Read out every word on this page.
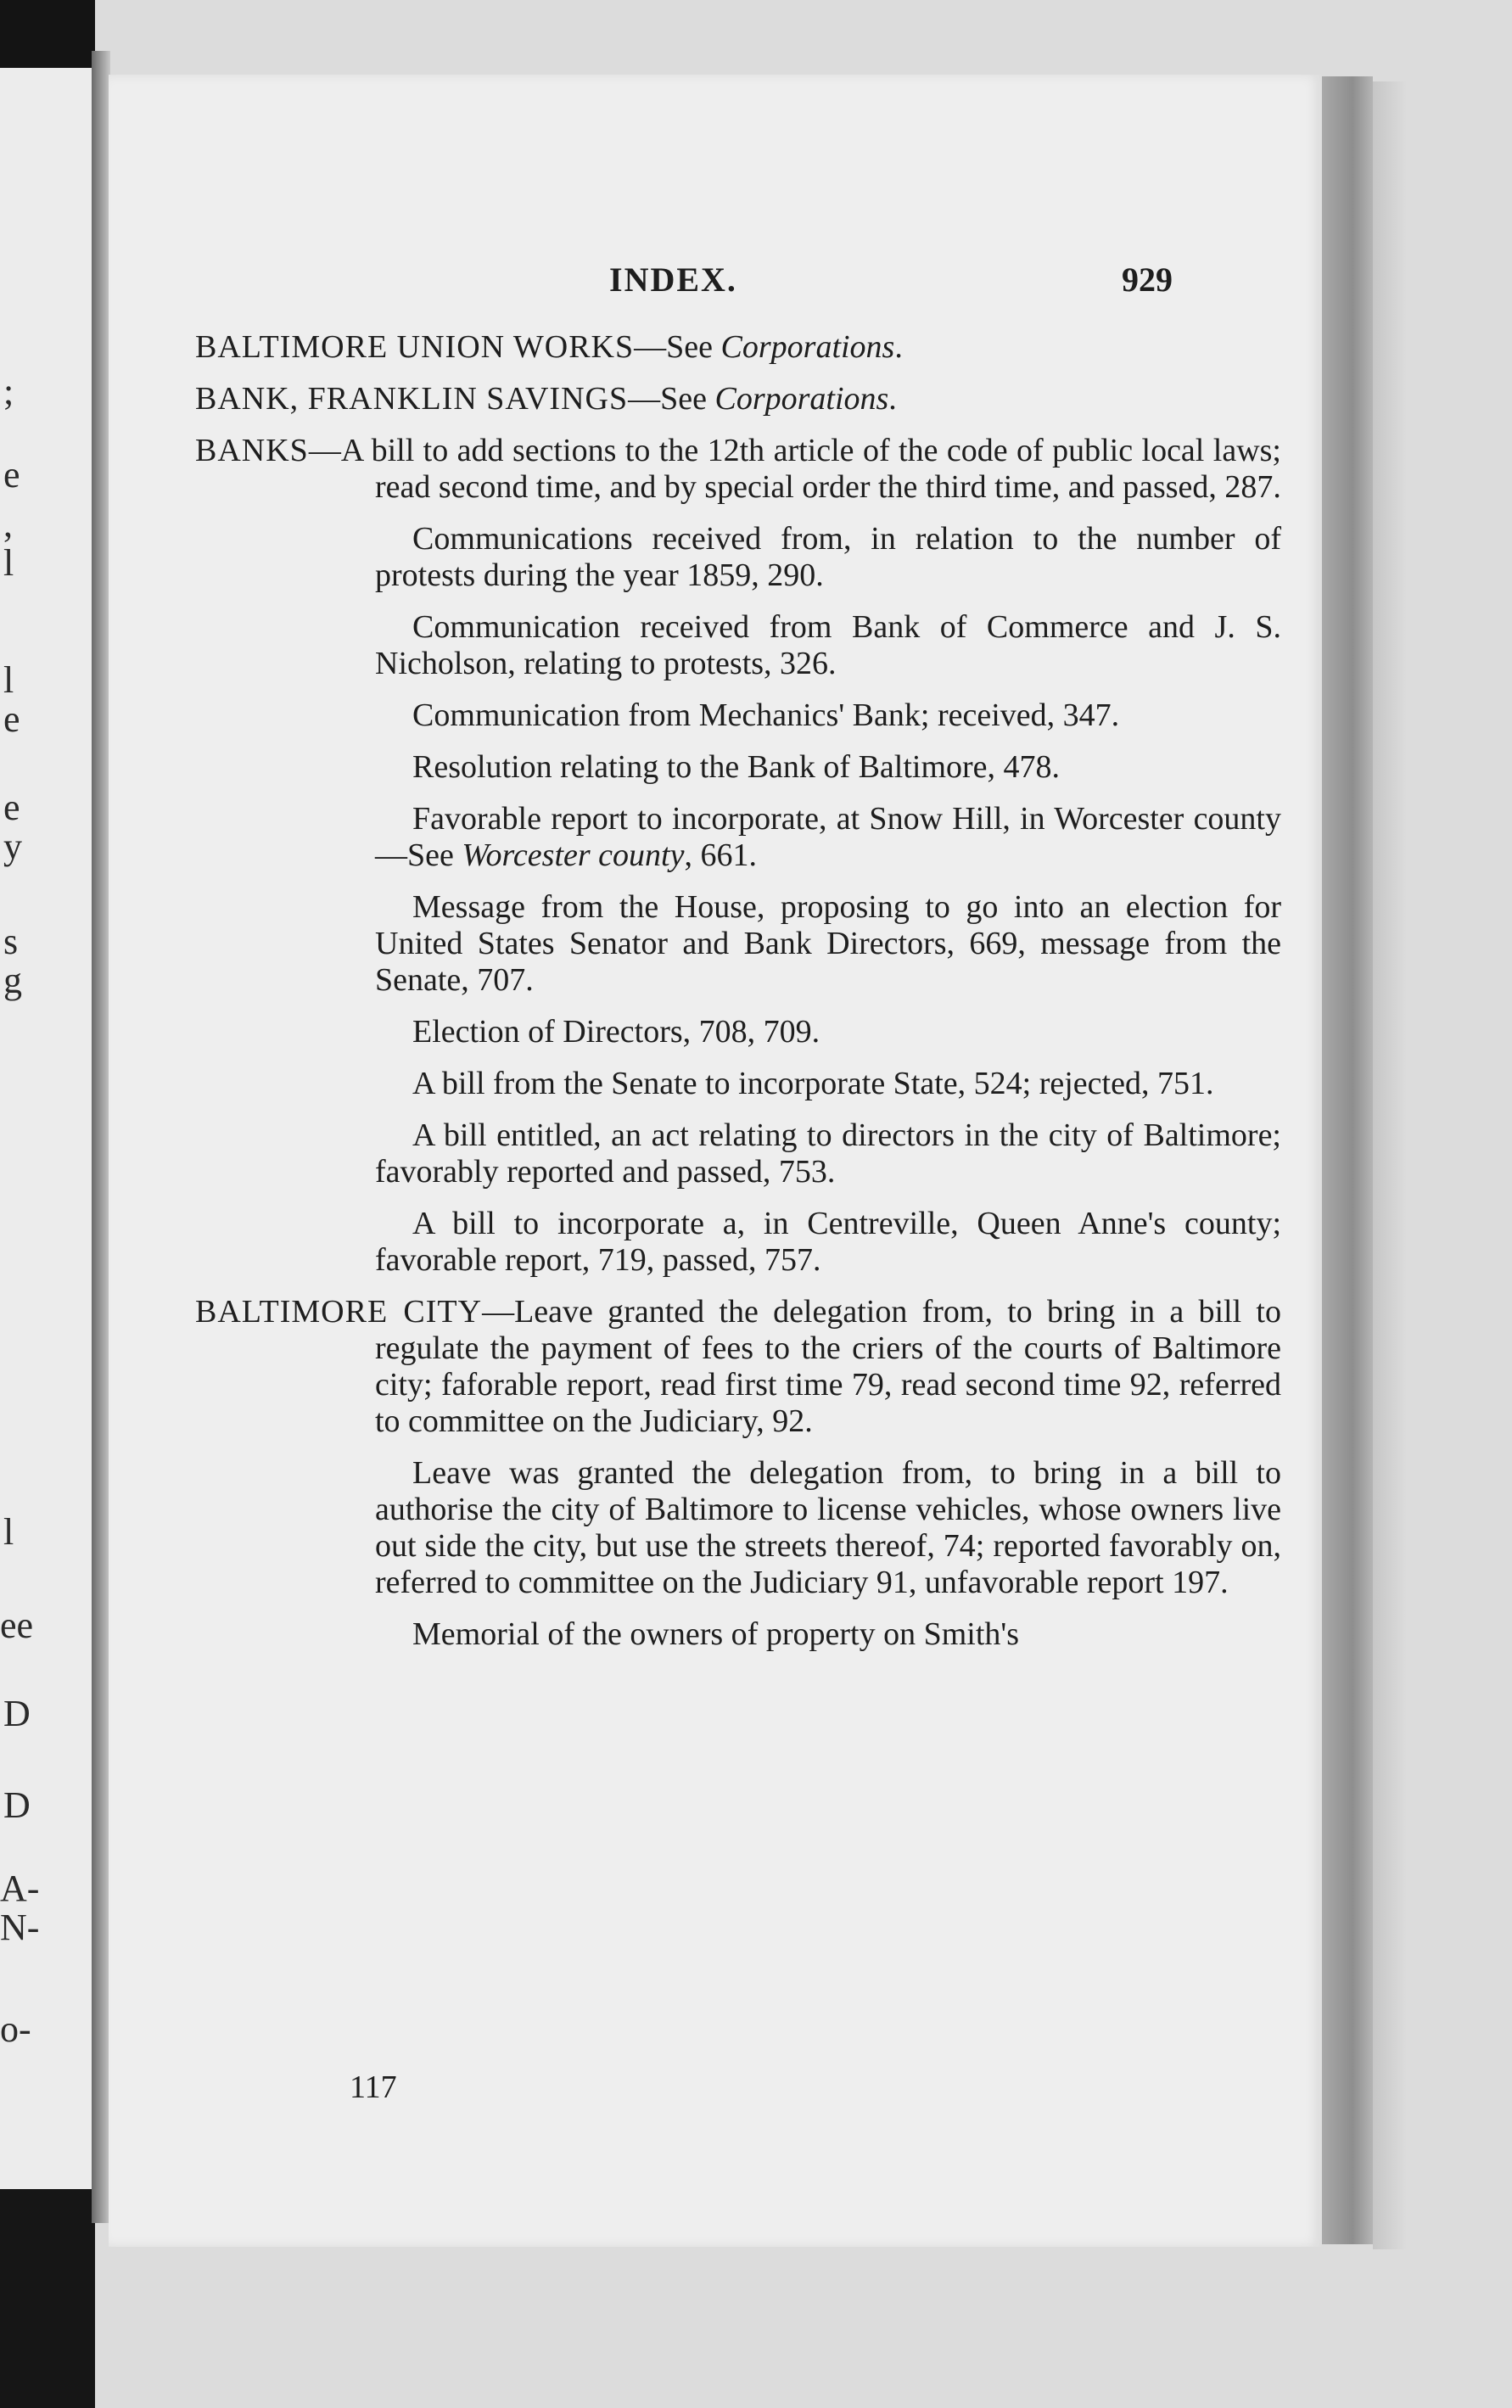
;
e
,
l
l
e
e
y
s
g
l
ee
D
D
A-
N-
o-
INDEX.	929
BALTIMORE UNION WORKS—See Corporations.
BANK, FRANKLIN SAVINGS—See Corporations.
BANKS—A bill to add sections to the 12th article of the code of public local laws; read second time, and by special order the third time, and passed, 287.
Communications received from, in relation to the number of protests during the year 1859, 290.
Communication received from Bank of Commerce and J. S. Nicholson, relating to protests, 326.
Communication from Mechanics' Bank; received, 347.
Resolution relating to the Bank of Baltimore, 478.
Favorable report to incorporate, at Snow Hill, in Worcester county—See Worcester county, 661.
Message from the House, proposing to go into an election for United States Senator and Bank Directors, 669, message from the Senate, 707.
Election of Directors, 708, 709.
A bill from the Senate to incorporate State, 524; rejected, 751.
A bill entitled, an act relating to directors in the city of Baltimore; favorably reported and passed, 753.
A bill to incorporate a, in Centreville, Queen Anne's county; favorable report, 719, passed, 757.
BALTIMORE CITY—Leave granted the delegation from, to bring in a bill to regulate the payment of fees to the criers of the courts of Baltimore city; faforable report, read first time 79, read second time 92, referred to committee on the Judiciary, 92.
Leave was granted the delegation from, to bring in a bill to authorise the city of Baltimore to license vehicles, whose owners live out side the city, but use the streets thereof, 74; reported favorably on, referred to committee on the Judiciary 91, unfavorable report 197.
Memorial of the owners of property on Smith's
117
